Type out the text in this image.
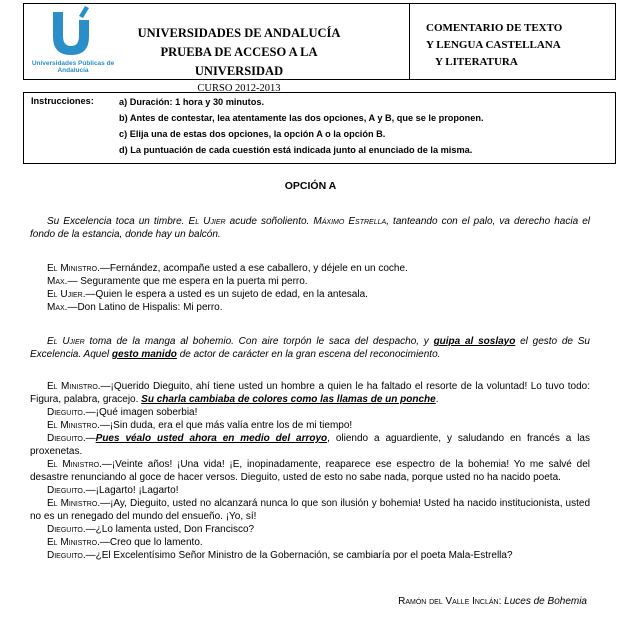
Universidades Públicas de Andalucía
UNIVERSIDADES DE ANDALUCÍA
PRUEBA DE ACCESO A LA UNIVERSIDAD
CURSO 2012-2013
COMENTARIO DE TEXTO
Y LENGUA CASTELLANA
Y LITERATURA
Instrucciones:	a) Duración: 1 hora y 30 minutos.
b) Antes de contestar, lea atentamente las dos opciones, A y B, que se le proponen.
c) Elija una de estas dos opciones, la opción A o la opción B.
d) La puntuación de cada cuestión está indicada junto al enunciado de la misma.
OPCIÓN A

Su Excelencia toca un timbre. El Ujier acude soñoliento. Máximo Estrella, tanteando con el palo, va derecho hacia el fondo de la estancia, donde hay un balcón.

El Ministro.—Fernández, acompañe usted a ese caballero, y déjele en un coche.

Max.— Seguramente que me espera en la puerta mi perro.

El Ujier.—Quien le espera a usted es un sujeto de edad, en la antesala.

Max.—Don Latino de Hispalis: Mi perro.

El Ujier toma de la manga al bohemio. Con aire torpón le saca del despacho, y guipa al soslayo el gesto de Su Excelencia. Aquel gesto manido de actor de carácter en la gran escena del reconocimiento.

El Ministro.—¡Querido Dieguito, ahí tiene usted un hombre a quien le ha faltado el resorte de la voluntad! Lo tuvo todo: Figura, palabra, gracejo. Su charla cambiaba de colores como las llamas de un ponche.

Dieguito.—¡Qué imagen soberbia!

El Ministro.—¡Sin duda, era el que más valía entre los de mi tiempo!

Dieguito.—Pues véalo usted ahora en medio del arroyo, oliendo a aguardiente, y saludando en francés a las proxenetas.

El Ministro.—¡Veinte años! ¡Una vida! ¡E, inopinadamente, reaparece ese espectro de la bohemia! Yo me salvé del desastre renunciando al goce de hacer versos. Dieguito, usted de esto no sabe nada, porque usted no ha nacido poeta.

Dieguito.—¡Lagarto! ¡Lagarto!

El Ministro.—¡Ay, Dieguito, usted no alcanzará nunca lo que son ilusión y bohemia! Usted ha nacido institucionista, usted no es un renegado del mundo del ensueño. ¡Yo, sí!

Dieguito.—¿Lo lamenta usted, Don Francisco?

El Ministro.—Creo que lo lamento.

Dieguito.—¿El Excelentísimo Señor Ministro de la Gobernación, se cambiaría por el poeta Mala-Estrella?

Ramón del Valle Inclán: Luces de Bohemia
